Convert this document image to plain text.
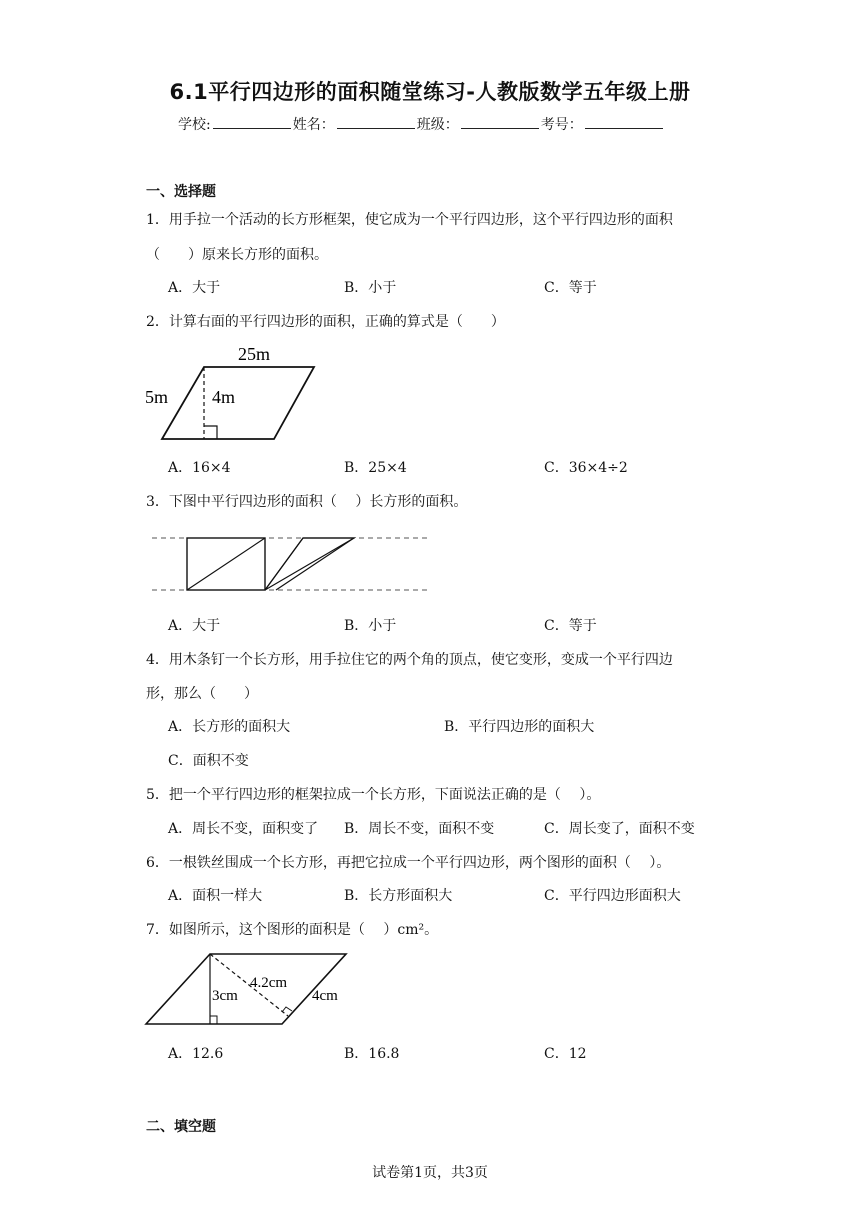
6.1平行四边形的面积随堂练习-人教版数学五年级上册
学校:	姓名：	班级：	考号：
一、选择题
1．用手拉一个活动的长方形框架，使它成为一个平行四边形，这个平行四边形的面积
（　　）原来长方形的面积。
A．大于	B．小于	C．等于
2．计算右面的平行四边形的面积，正确的算式是（　　）
25m
5m 4m
A．16×4	B．25×4	C．36×4÷2
3．下图中平行四边形的面积（　 ）长方形的面积。
A．大于	B．小于	C．等于
4．用木条钉一个长方形，用手拉住它的两个角的顶点，使它变形，变成一个平行四边
形，那么（　　）
A．长方形的面积大	B．平行四边形的面积大
C．面积不变
5．把一个平行四边形的框架拉成一个长方形，下面说法正确的是（　 ）。
A．周长不变，面积变了 B．周长不变，面积不变	C．周长变了，面积不变
6．一根铁丝围成一个长方形，再把它拉成一个平行四边形，两个图形的面积（　 ）。
A．面积一样大	B．长方形面积大	C．平行四边形面积大
7．如图所示，这个图形的面积是（　 ）cm²。
4.2cm
3cm	4cm
A．12.6	B．16.8	C．12
二、填空题
试卷第1页，共3页
